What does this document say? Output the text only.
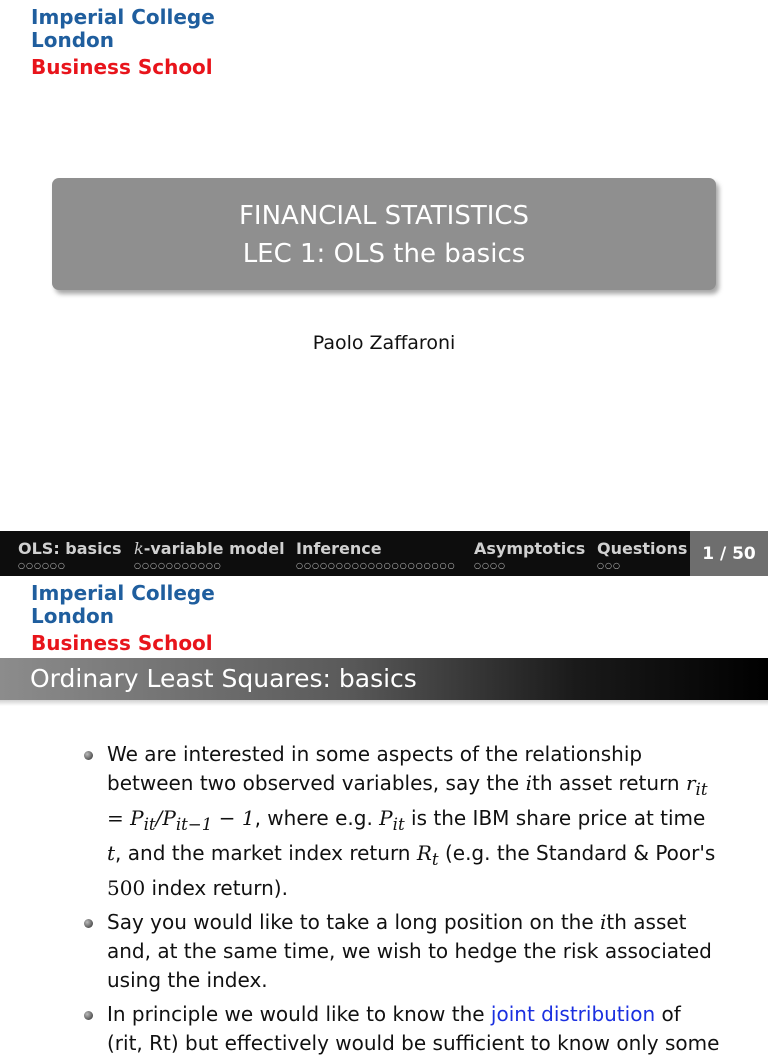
Imperial College
London
Business School
FINANCIAL STATISTICS
LEC 1: OLS the basics
Paolo Zaffaroni
OLS: basics
○○○○○○
k-variable model
○○○○○○○○○○○
Inference
○○○○○○○○○○○○○○○○○○○○
Asymptotics
○○○○
Questions
○○○
1 / 50
Imperial College
London
Business School
Ordinary Least Squares: basics
We are interested in some aspects of the relationship between two observed variables, say the ith asset return $r_{it} = P_{it}/P_{it-1} - 1$, where e.g. $P_{it}$ is the IBM share price at time t, and the market index return $R_t$ (e.g. the Standard & Poor's 500 index return).
Say you would like to take a long position on the ith asset and, at the same time, we wish to hedge the risk associated using the index.
In principle we would like to know the joint distribution of
(rit, Rt) but effectively would be sufficient to know only some
